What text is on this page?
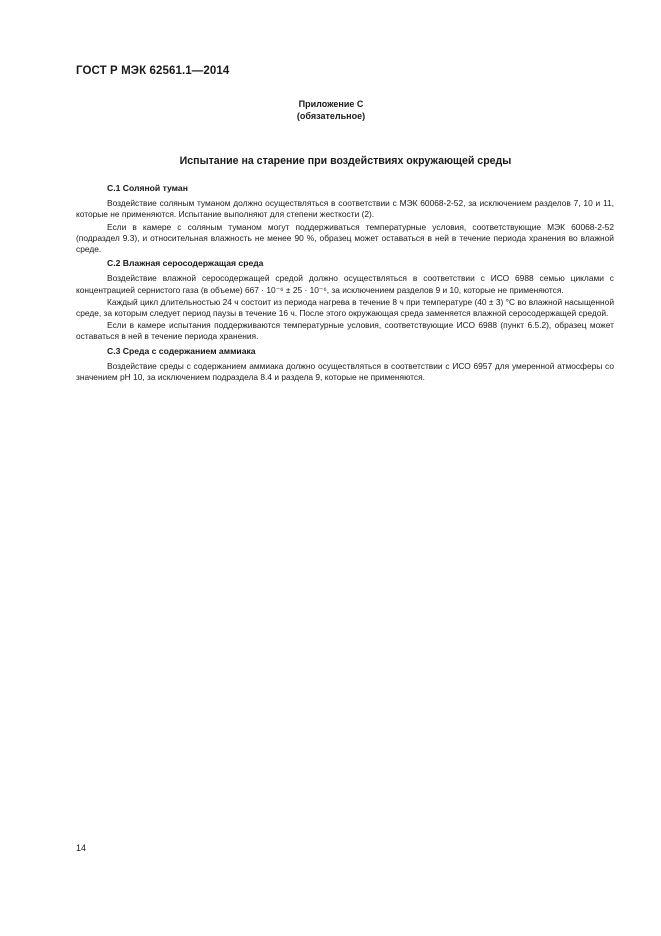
ГОСТ Р МЭК 62561.1—2014
Приложение С
(обязательное)
Испытание на старение при воздействиях окружающей среды

С.1 Соляной туман

Воздействие соляным туманом должно осуществляться в соответствии с МЭК 60068-2-52, за исключением разделов 7, 10 и 11, которые не применяются. Испытание выполняют для степени жесткости (2).

Если в камере с соляным туманом могут поддерживаться температурные условия, соответствующие МЭК 60068-2-52 (подраздел 9.3), и относительная влажность не менее 90 %, образец может оставаться в ней в течение периода хранения во влажной среде.

С.2 Влажная серосодержащая среда

Воздействие влажной серосодержащей средой должно осуществляться в соответствии с ИСО 6988 семью циклами с концентрацией сернистого газа (в объеме) 667 · 10⁻⁶ ± 25 · 10⁻⁶, за исключением разделов 9 и 10, которые не применяются.

Каждый цикл длительностью 24 ч состоит из периода нагрева в течение 8 ч при температуре (40 ± 3) °С во влажной насыщенной среде, за которым следует период паузы в течение 16 ч. После этого окружающая среда заменяется влажной серосодержащей средой.

Если в камере испытания поддерживаются температурные условия, соответствующие ИСО 6988 (пункт 6.5.2), образец может оставаться в ней в течение периода хранения.

С.3 Среда с содержанием аммиака

Воздействие среды с содержанием аммиака должно осуществляться в соответствии с ИСО 6957 для умеренной атмосферы со значением pH 10, за исключением подраздела 8.4 и раздела 9, которые не применяются.

14
